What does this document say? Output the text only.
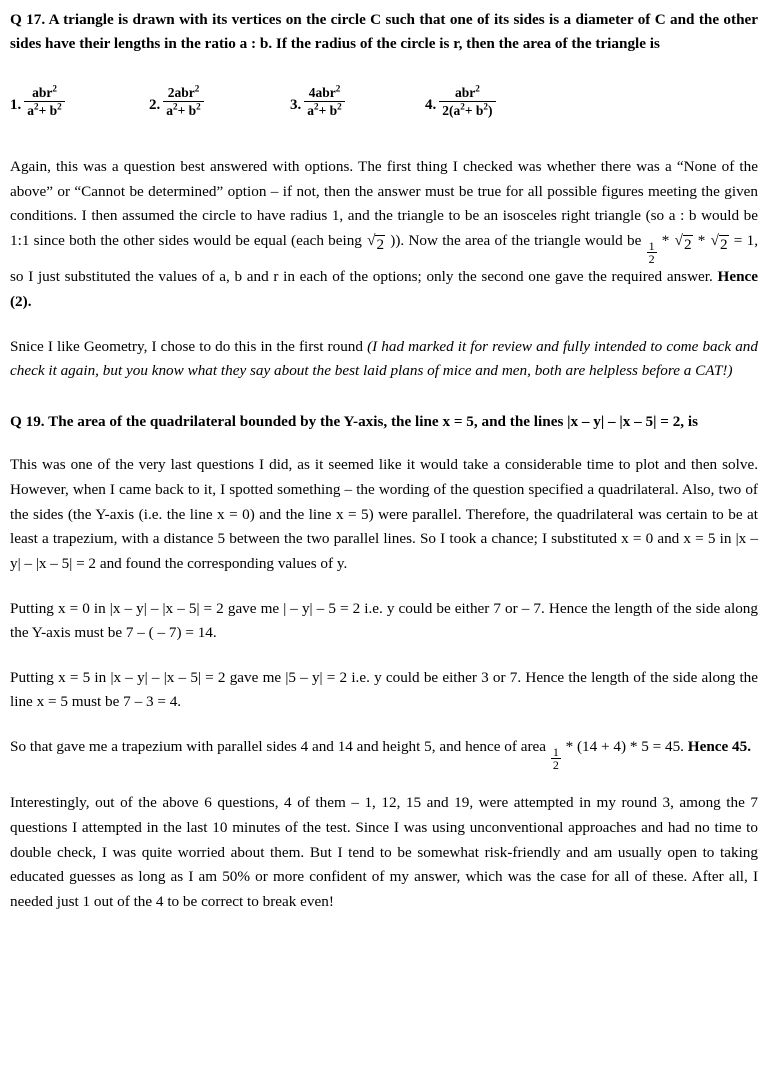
Q 17. A triangle is drawn with its vertices on the circle C such that one of its sides is a diameter of C and the other sides have their lengths in the ratio a : b. If the radius of the circle is r, then the area of the triangle is

1. $\frac{abr^2}{a^2+ b^2}$	2. $\frac{2abr^2}{a^2+ b^2}$	3. $\frac{4abr^2}{a^2+ b^2}$	4. $\frac{abr^2}{2(a^2+ b^2)}$

Again, this was a question best answered with options. The first thing I checked was whether there was a “None of the above” or “Cannot be determined” option – if not, then the answer must be true for all possible figures meeting the given conditions. I then assumed the circle to have radius 1, and the triangle to be an isosceles right triangle (so a : b would be 1:1 since both the other sides would be equal (each being √ 2 )). Now the area of the triangle would be $\frac{1}{2}$ * √ 2 * √ 2 = 1, so I just substituted the values of a, b and r in each of the options; only the second one gave the required answer. Hence (2).

Snice I like Geometry, I chose to do this in the first round (I had marked it for review and fully intended to come back and check it again, but you know what they say about the best laid plans of mice and men, both are helpless before a CAT!)

Q 19. The area of the quadrilateral bounded by the Y-axis, the line x = 5, and the lines |x – y| – |x – 5| = 2, is

This was one of the very last questions I did, as it seemed like it would take a considerable time to plot and then solve. However, when I came back to it, I spotted something – the wording of the question specified a quadrilateral. Also, two of the sides (the Y-axis (i.e. the line x = 0) and the line x = 5) were parallel. Therefore, the quadrilateral was certain to be at least a trapezium, with a distance 5 between the two parallel lines. So I took a chance; I substituted x = 0 and x = 5 in |x – y| – |x – 5| = 2 and found the corresponding values of y.

Putting x = 0 in |x – y| – |x – 5| = 2 gave me | – y| – 5 = 2 i.e. y could be either 7 or – 7. Hence the length of the side along the Y-axis must be 7 – ( – 7) = 14.

Putting x = 5 in |x – y| – |x – 5| = 2 gave me |5 – y| = 2 i.e. y could be either 3 or 7. Hence the length of the side along the line x = 5 must be 7 – 3 = 4.

So that gave me a trapezium with parallel sides 4 and 14 and height 5, and hence of area $\frac{1}{2} * (14 + 4) * 5 = 45$. Hence 45.

Interestingly, out of the above 6 questions, 4 of them – 1, 12, 15 and 19, were attempted in my round 3, among the 7 questions I attempted in the last 10 minutes of the test. Since I was using unconventional approaches and had no time to double check, I was quite worried about them. But I tend to be somewhat risk-friendly and am usually open to taking educated guesses as long as I am 50% or more confident of my answer, which was the case for all of these. After all, I needed just 1 out of the 4 to be correct to break even!
